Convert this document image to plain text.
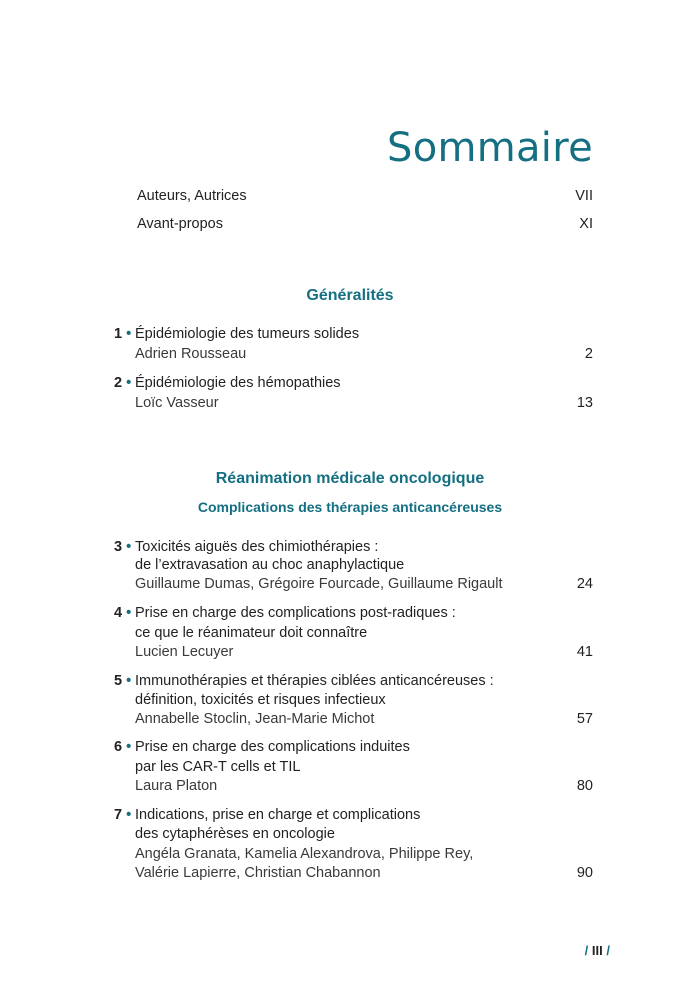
Sommaire
Auteurs, Autrices	VII
Avant-propos	XI
Généralités
1 • Épidémiologie des tumeurs solides
Adrien Rousseau	2
2 • Épidémiologie des hémopathies
Loïc Vasseur	13
Réanimation médicale oncologique
Complications des thérapies anticancéreuses
3 • Toxicités aiguës des chimiothérapies :
de l’extravasation au choc anaphylactique
Guillaume Dumas, Grégoire Fourcade, Guillaume Rigault	24
4 • Prise en charge des complications post-radiques :
ce que le réanimateur doit connaître
Lucien Lecuyer	41
5 • Immunothérapies et thérapies ciblées anticancéreuses :
définition, toxicités et risques infectieux
Annabelle Stoclin, Jean-Marie Michot	57
6 • Prise en charge des complications induites
par les CAR-T cells et TIL
Laura Platon	80
7 • Indications, prise en charge et complications
des cytaphérèses en oncologie
Angéla Granata, Kamelia Alexandrova, Philippe Rey,
Valérie Lapierre, Christian Chabannon	90
/ III /
